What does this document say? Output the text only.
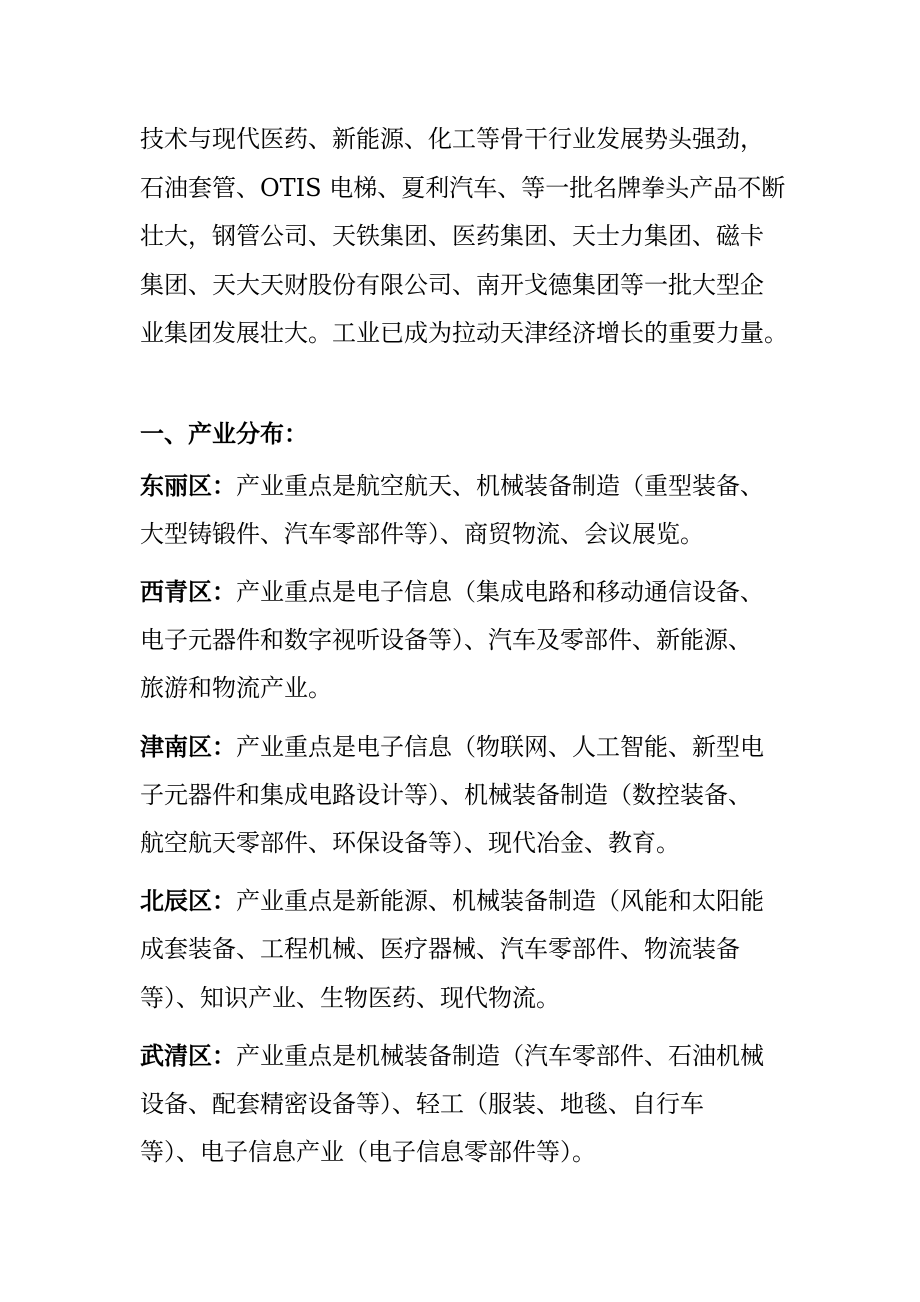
技术与现代医药、新能源、化工等骨干行业发展势头强劲，

石油套管、OTIS 电梯、夏利汽车、等一批名牌拳头产品不断

壮大，钢管公司、天铁集团、医药集团、天士力集团、磁卡

集团、天大天财股份有限公司、南开戈德集团等一批大型企

业集团发展壮大。工业已成为拉动天津经济增长的重要力量。

一、产业分布：
东丽区：产业重点是航空航天、机械装备制造（重型装备、
大型铸锻件、汽车零部件等）、商贸物流、会议展览。
西青区：产业重点是电子信息（集成电路和移动通信设备、
电子元器件和数字视听设备等）、汽车及零部件、新能源、
旅游和物流产业。
津南区：产业重点是电子信息（物联网、人工智能、新型电
子元器件和集成电路设计等）、机械装备制造（数控装备、
航空航天零部件、环保设备等）、现代冶金、教育。
北辰区：产业重点是新能源、机械装备制造（风能和太阳能
成套装备、工程机械、医疗器械、汽车零部件、物流装备
等）、知识产业、生物医药、现代物流。
武清区：产业重点是机械装备制造（汽车零部件、石油机械
设备、配套精密设备等）、轻工（服装、地毯、自行车
等）、电子信息产业（电子信息零部件等）。
